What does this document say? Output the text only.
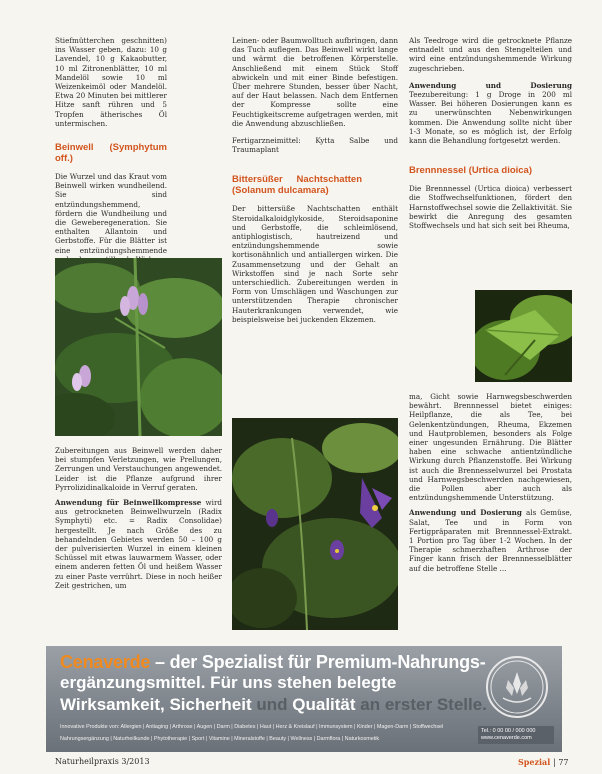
Stiefmütterchen geschnitten) ins Wasser geben, dazu: 10 g Lavendel, 10 g Kakaobutter, 10 ml Zitronenblätter, 10 ml Mandelöl sowie 10 ml Weizenkeimöl oder Mandelöl. Etwa 20 Minuten bei mittlerer Hitze sanft rühren und 5 Tropfen ätherisches Öl untermischen.

Beinwell (Symphytum off.)

Die Wurzel und das Kraut vom Beinwell wirken wundheilend. Sie sind entzündungshemmend, fördern die Wundheilung und die Geweberegeneration. Sie enthalten Allantoin und Gerbstoffe. Für die Blätter ist eine entzündungshemmende

Zubereitungen aus Beinwell werden daher bei stumpfen Verletzungen, wie Prellungen, Zerrungen und Verstauchungen angewendet. Leider ist die Pflanze aufgrund ihrer Pyrrolizidinalkaloide in Verruf geraten.

Anwendung für Beinwellkompresse wird aus getrockneten Beinwellwurzeln (Radix Symphyti) etc. = Radix Consolidae) hergestellt. Je nach Größe des zu behandelnden Gebietes werden 50 – 100 g der pulverisierten Wurzel in einem kleinen Schüssel mit etwas lauwarmem Wasser, oder einem anderen fetten Öl und heißem Wasser zu einer Paste verrührt. Diese in noch heißer Zeit gestrichen, um

Leinen- oder Baumwolltuch aufbringen, dann das Tuch auflegen. Das Beinwell wirkt lange und wärmt die betroffenen Körperstelle. Anschließend mit einem Stück Stoff abwickeln und mit einer Binde befestigen. Über mehrere Stunden, besser über Nacht, auf der Haut belassen. Nach dem Entfernen der Kompresse sollte eine Feuchtigkeitscreme aufgetragen werden, mit die Anwendung abzuschließen.

Fertigarzneimittel: Kytta Salbe und Traumaplant

Bittersüßer Nachtschatten (Solanum dulcamara)

Der bittersüße Nachtschatten enthält Steroidalkaloidglykoside, Steroidsaponine und Gerbstoffe, die schleimlösend, antiphlogistisch, hautreizend und entzündungshemmende sowie kortisonähnlich und antiallergen wirken. Die Zusammensetzung und der Gehalt an Wirkstoffen sind je nach Sorte sehr unterschiedlich. Zubereitungen werden in Form von Umschlägen und Waschungen zur unterstützenden Therapie chronischer Hauterkrankungen verwendet, wie beispielsweise bei juckenden Ekzemen.

Als Teedroge wird die getrocknete Pflanze entnadelt und aus den Stengelteilen und wird eine entzündungshemmende Wirkung zugeschrieben.

Anwendung und Dosierung Teezubereitung: 1 g Droge in 200 ml Wasser. Bei höheren Dosierungen kann es zu unerwünschten Nebenwirkungen kommen. Die Anwendung sollte nicht über 1-3 Monate, so es möglich ist, der Erfolg kann die Behandlung fortgesetzt werden.

Brennnessel (Urtica dioica)

Die Brennnessel (Urtica dioica) verbessert die Stoffwechselfunktionen, fördert den Harnstoffwechsel sowie die Zellaktivität. Sie bewirkt die Anregung des gesamten Stoffwechsels und hat sich seit bei Rheuma,

ma, Gicht sowie Harnwegsbeschwerden bewährt. Brennnessel bietet einiges: Heilpflanze, die als Tee, bei Gelenkentzündungen, Rheuma, Ekzemen und Hautproblemen, besonders als Folge einer ungesunden Ernährung. Die Blätter haben eine schwache antientzündliche Wirkung durch Pflanzenstoffe. Bei Wirkung ist auch die Brennesselwurzel bei Prostata und Harnwegsbeschwerden nachgewiesen, die Pollen aber auch als entzündungshemmende Unterstützung.

Anwendung und Dosierung als Gemüse, Salat, Tee und in Form von Fertigpräparaten mit Brennnessel-Extrakt. 1 Portion pro Tag über 1-2 Wochen. In der Therapie schmerzhaften Arthrose der Finger kann frisch der Brennnesselblätter auf die betroffene Stelle ...

Cenaverde – der Spezialist für Premium-Nahrungs-
ergänzungsmittel. Für uns stehen belegte
Wirksamkeit, Sicherheit und Qualität an erster Stelle.
Innovative Produkte von: Allergien | Antiaging | Arthrose | Augen | Darm | Diabetes | Haut | Herz & Kreislauf | Immunsystem | Kinder | Magen-Darm | Stoffwechsel
Nahrungsergänzung | Naturheilkunde | Phytotherapie | Sport | Vitamine | Mineralstoffe | Beauty | Wellness | Darmflora | Naturkosmetik
Tel.: 0 00 00 / 000 000 www.cenaverde.com
Naturheilpraxis 3/2013	Spezial | 77
